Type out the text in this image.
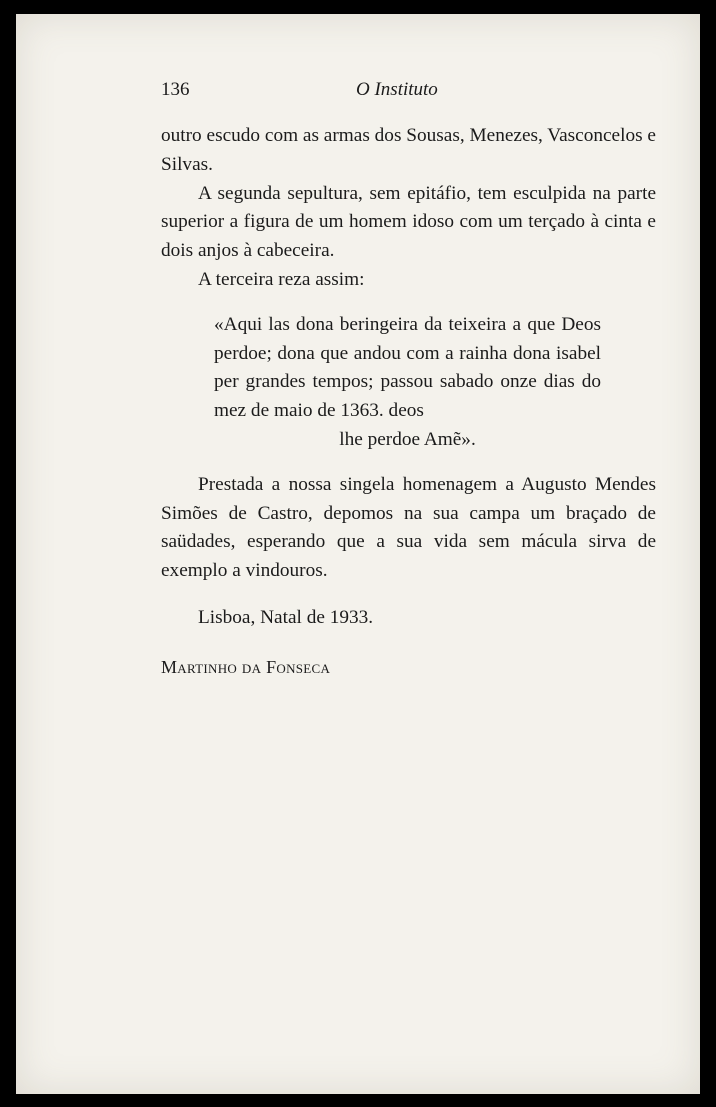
136	O Instituto

outro escudo com as armas dos Sousas, Menezes, Vasconcelos e Silvas.

A segunda sepultura, sem epitáfio, tem esculpida na parte superior a figura de um homem idoso com um terçado à cinta e dois anjos à cabeceira.

A terceira reza assim:

«Aqui las dona beringeira da teixeira a que Deos perdoe; dona que andou com a rainha dona isabel per grandes tempos; passou sabado onze dias do mez de maio de 1363. deos

lhe perdoe Amẽ».

Prestada a nossa singela homenagem a Augusto Mendes Simões de Castro, depomos na sua campa um braçado de saüdades, esperando que a sua vida sem mácula sirva de exemplo a vindouros.

Lisboa, Natal de 1933.

Martinho da Fonseca
